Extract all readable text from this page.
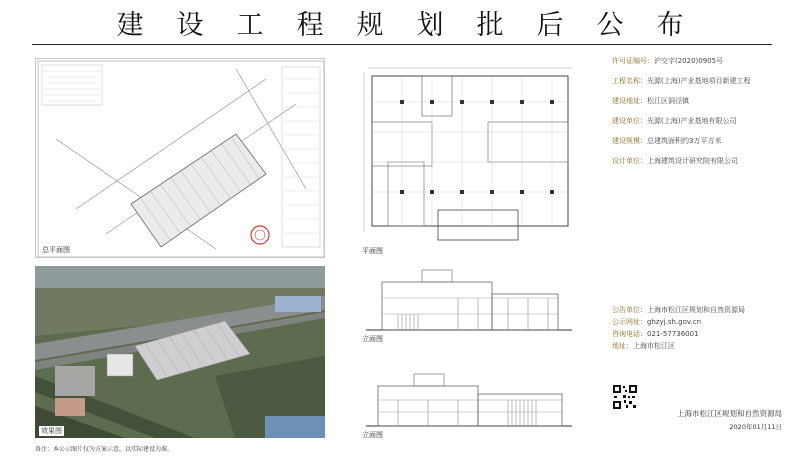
建设工程规划批后公布
总平面图
效果图
平面图
立面图
立面图
许可证编号： 沪交字(2020)0905号
工程名称： 光源(上海)产业基地项目新建工程
建设地址： 松江区洞泾镇
建设单位： 光源(上海)产业基地有限公司
建设规模： 总建筑面积约3万平方米
设计单位： 上海建筑设计研究院有限公司
公告单位： 上海市松江区规划和自然资源局
公示网址： ghzyj.sh.gov.cn
咨询电话： 021-57736001
地址： 上海市松江区
上海市松江区规划和自然资源局
2020年01月11日
备注：本公示图片仅为方案示意，以实际建设为准。
